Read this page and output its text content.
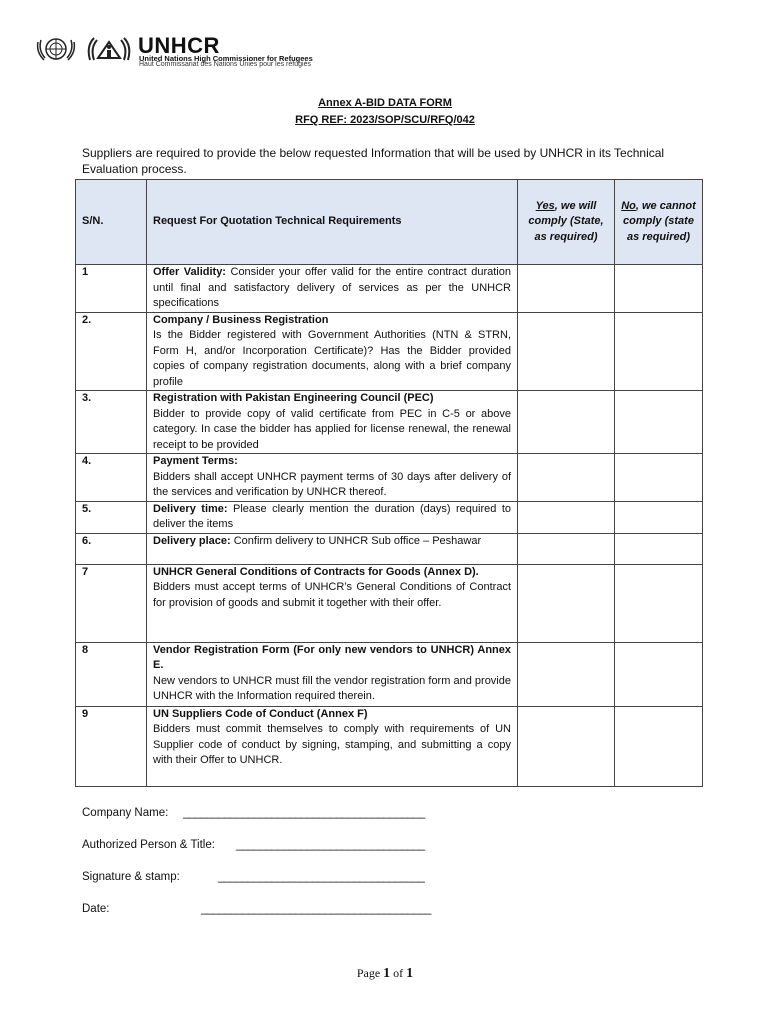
UNHCR
United Nations High Commissioner for Refugees
Haut Commissariat des Nations Unies pour les réfugiés
Annex A-BID DATA FORM
RFQ REF: 2023/SOP/SCU/RFQ/042
Suppliers are required to provide the below requested Information that will be used by UNHCR in its Technical Evaluation process.
S/N.	Request For Quotation Technical Requirements	Yes, we will comply (State, as required)	No, we cannot comply (state as required)
1	Offer Validity: Consider your offer valid for the entire contract duration until final and satisfactory delivery of services as per the UNHCR specifications		
2.	Company / Business Registration
Is the Bidder registered with Government Authorities (NTN & STRN, Form H, and/or Incorporation Certificate)? Has the Bidder provided copies of company registration documents, along with a brief company profile		

3.	Registration with Pakistan Engineering Council (PEC)
Bidder to provide copy of valid certificate from PEC in C-5 or above category. In case the bidder has applied for license renewal, the renewal receipt to be provided		

4.	Payment Terms:
Bidders shall accept UNHCR payment terms of 30 days after delivery of the services and verification by UNHCR thereof.		

5.	Delivery time: Please clearly mention the duration (days) required to deliver the items		
6.	Delivery place: Confirm delivery to UNHCR Sub office – Peshawar		
7	UNHCR General Conditions of Contracts for Goods (Annex D).
Bidders must accept terms of UNHCR’s General Conditions of Contract for provision of goods and submit it together with their offer.		

8	Vendor Registration Form (For only new vendors to UNHCR) Annex E.
New vendors to UNHCR must fill the vendor registration form and provide UNHCR with the Information required therein.		

9	UN Suppliers Code of Conduct (Annex F)
Bidders must commit themselves to comply with requirements of UN Supplier code of conduct by signing, stamping, and submitting a copy with their Offer to UNHCR.		

Company Name: _________________________________________
Authorized Person & Title: ________________________________
Signature & stamp:	___________________________________
Date:	_______________________________________
Page 1 of 1
